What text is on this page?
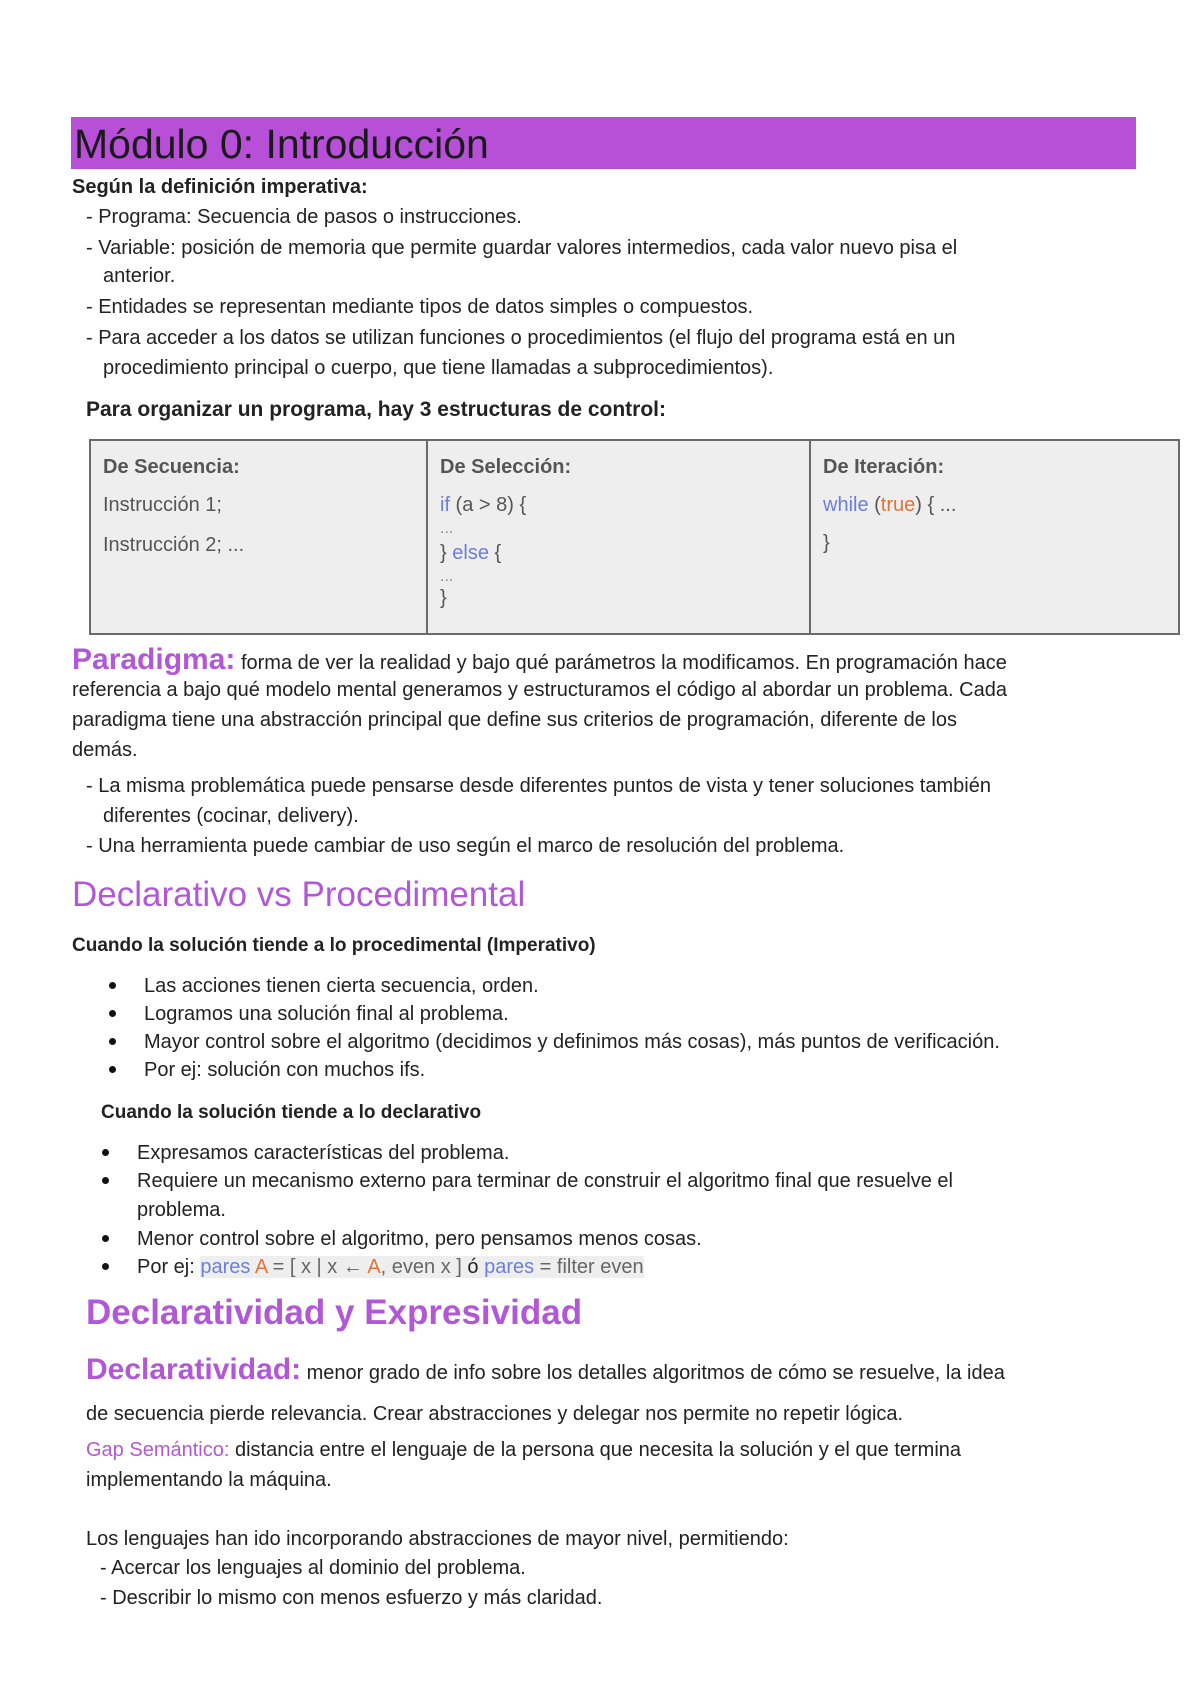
Módulo 0: Introducción
Según la definición imperativa:
- Programa: Secuencia de pasos o instrucciones.
- Variable: posición de memoria que permite guardar valores intermedios, cada valor nuevo pisa el
anterior.
- Entidades se representan mediante tipos de datos simples o compuestos.
- Para acceder a los datos se utilizan funciones o procedimientos (el flujo del programa está en un
procedimiento principal o cuerpo, que tiene llamadas a subprocedimientos).
Para organizar un programa, hay 3 estructuras de control:
De Secuencia:
Instrucción 1;
Instrucción 2; ...

De Selección:
if (a > 8) {
...
} else {
...
}

De Iteración:
while (true) { ...
}
Paradigma: forma de ver la realidad y bajo qué parámetros la modificamos. En programación hace
referencia a bajo qué modelo mental generamos y estructuramos el código al abordar un problema. Cada
paradigma tiene una abstracción principal que define sus criterios de programación, diferente de los
demás.
- La misma problemática puede pensarse desde diferentes puntos de vista y tener soluciones también
diferentes (cocinar, delivery).
- Una herramienta puede cambiar de uso según el marco de resolución del problema.
Declarativo vs Procedimental
Cuando la solución tiende a lo procedimental (Imperativo)
Las acciones tienen cierta secuencia, orden.
Logramos una solución final al problema.
Mayor control sobre el algoritmo (decidimos y definimos más cosas), más puntos de verificación.
Por ej: solución con muchos ifs.
Cuando la solución tiende a lo declarativo
Expresamos características del problema.
Requiere un mecanismo externo para terminar de construir el algoritmo final que resuelve el
problema.
Menor control sobre el algoritmo, pero pensamos menos cosas.
Por ej: pares A = [ x | x ← A, even x ] ó pares = filter even
Declaratividad y Expresividad
Declaratividad: menor grado de info sobre los detalles algoritmos de cómo se resuelve, la idea
de secuencia pierde relevancia. Crear abstracciones y delegar nos permite no repetir lógica.
Gap Semántico: distancia entre el lenguaje de la persona que necesita la solución y el que termina
implementando la máquina.
Los lenguajes han ido incorporando abstracciones de mayor nivel, permitiendo:
- Acercar los lenguajes al dominio del problema.
- Describir lo mismo con menos esfuerzo y más claridad.
